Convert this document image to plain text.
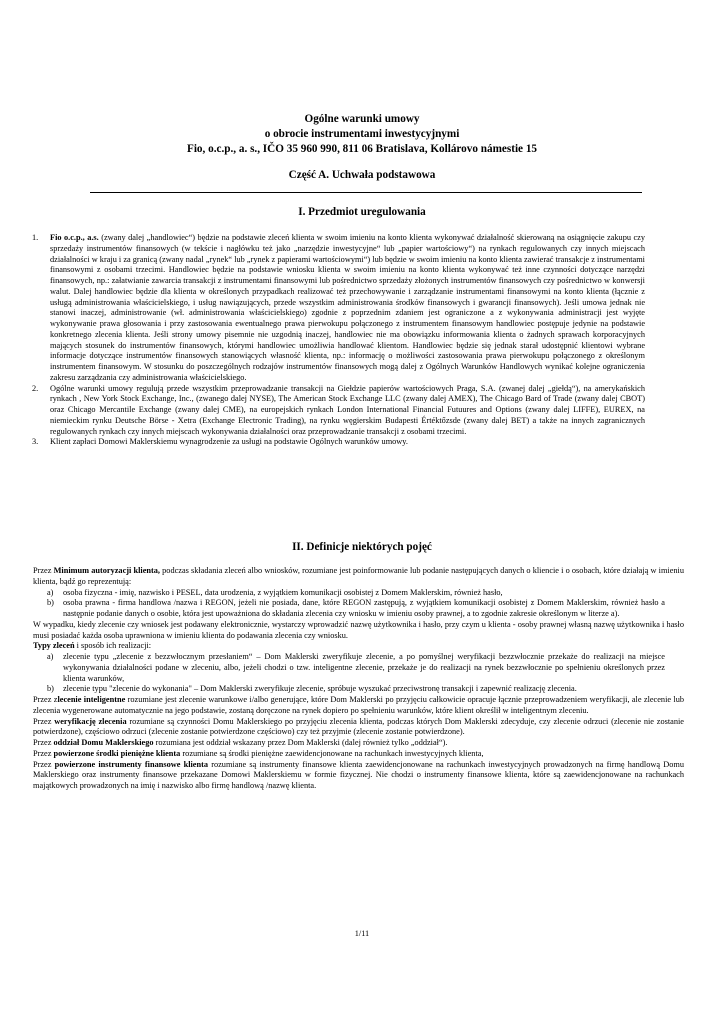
Ogólne warunki umowy
o obrocie instrumentami inwestycyjnymi
Fio, o.c.p., a. s., IČO 35 960 990, 811 06 Bratislava, Kollárovo námestie 15
Część A. Uchwała podstawowa
I. Przedmiot uregulowania
1. Fio o.c.p., a.s. (zwany dalej „handlowiec“) będzie na podstawie zleceń klienta w swoim imieniu na konto klienta wykonywać działalność skierowaną na osiągnięcie zakupu czy sprzedaży instrumentów finansowych (w tekście i nagłówku też jako „narzędzie inwestycyjne“ lub „papier wartościowy“) na rynkach regulowanych czy innych miejscach działalności w kraju i za granicą (zwany nadal „rynek“ lub „rynek z papierami wartościowymi“) lub będzie w swoim imieniu na konto klienta zawierać transakcje z instrumentami finansowymi z osobami trzecimi. Handlowiec będzie na podstawie wniosku klienta w swoim imieniu na konto klienta wykonywać też inne czynności dotyczące narzędzi finansowych, np.: załatwianie zawarcia transakcji z instrumentami finansowymi lub pośrednictwo sprzedaży złożonych instrumentów finansowych czy pośrednictwo w konwersji walut. Dalej handlowiec będzie dla klienta w określonych przypadkach realizować też przechowywanie i zarządzanie instrumentami finansowymi na konto klienta (łącznie z usługą administrowania właścicielskiego, i usług nawiązujących, przede wszystkim administrowania środków finansowych i gwarancji finansowych). Jeśli umowa jednak nie stanowi inaczej, administrowanie (wł. administrowania właścicielskiego) zgodnie z poprzednim zdaniem jest ograniczone a z wykonywania administracji jest wyjęte wykonywanie prawa głosowania i przy zastosowania ewentualnego prawa pierwokupu połączonego z instrumentem finansowym handlowiec postępuje jedynie na podstawie konkretnego zlecenia klienta. Jeśli strony umowy pisemnie nie uzgodnią inaczej, handlowiec nie ma obowiązku informowania klienta o żadnych sprawach korporacyjnych mających stosunek do instrumentów finansowych, którymi handlowiec umożliwia handlować klientom. Handlowiec będzie się jednak starał udostępnić klientowi wybrane informacje dotyczące instrumentów finansowych stanowiących własność klienta, np.: informację o możliwości zastosowania prawa pierwokupu połączonego z określonym instrumentem finansowym. W stosunku do poszczególnych rodzajów instrumentów finansowych mogą dalej z Ogólnych Warunków Handlowych wynikać kolejne ograniczenia zakresu zarządzania czy administrowania właścicielskiego.
2. Ogólne warunki umowy regulują przede wszystkim przeprowadzanie transakcji na Giełdzie papierów wartościowych Praga, S.A. (zwanej dalej „giełdą“), na amerykańskich rynkach , New York Stock Exchange, Inc., (zwanego dalej NYSE), The American Stock Exchange LLC (zwany dalej AMEX), The Chicago Bard of Trade (zwany dalej CBOT) oraz Chicago Mercantile Exchange (zwany dalej CME), na europejskich rynkach London International Financial Futuures and Options (zwany dalej LIFFE), EUREX, na niemieckim rynku Deutsche Börse - Xetra (Exchange Electronic Trading), na rynku węgierskim Budapesti Értéktőzsde (zwany dalej BET) a także na innych zagranicznych regulowanych rynkach czy innych miejscach wykonywania działalności oraz przeprowadzanie transakcji z osobami trzecimi.
3. Klient zapłaci Domowi Maklerskiemu wynagrodzenie za usługi na podstawie Ogólnych warunków umowy.
II. Definicje niektórych pojęć
Przez Minimum autoryzacji klienta, podczas składania zleceń albo wniosków, rozumiane jest poinformowanie lub podanie następujących danych o kliencie i o osobach, które działają w imieniu klienta, bądź go reprezentują:
a) osoba fizyczna - imię, nazwisko i PESEL, data urodzenia, z wyjątkiem komunikacji osobistej z Domem Maklerskim, również hasło,
b) osoba prawna - firma handlowa /nazwa i REGON, jeżeli nie posiada, dane, które REGON zastępują, z wyjątkiem komunikacji osobistej z Domem Maklerskim, również hasło a następnie podanie danych o osobie, która jest upoważniona do składania zlecenia czy wniosku w imieniu osoby prawnej, a to zgodnie zakresie określonym w literze a).
W wypadku, kiedy zlecenie czy wniosek jest podawany elektronicznie, wystarczy wprowadzić nazwę użytkownika i hasło, przy czym u klienta - osoby prawnej własną nazwę użytkownika i hasło musi posiadać każda osoba uprawniona w imieniu klienta do podawania zlecenia czy wniosku.
Typy zleceń i sposób ich realizacji:
a) zlecenie typu „zlecenie z bezzwłocznym przesłaniem“ – Dom Maklerski zweryfikuje zlecenie, a po pomyślnej weryfikacji bezzwłocznie przekaże do realizacji na miejsce wykonywania działalności podane w zleceniu, albo, jeżeli chodzi o tzw. inteligentne zlecenie, przekaże je do realizacji na rynek bezzwłocznie po spełnieniu określonych przez klienta warunków,
b) zlecenie typu "zlecenie do wykonania" – Dom Maklerski zweryfikuje zlecenie, spróbuje wyszukać przeciwstronę transakcji i zapewnić realizację zlecenia.
Przez zlecenie inteligentne rozumiane jest zlecenie warunkowe i/albo generujące, które Dom Maklerski po przyjęciu całkowicie opracuje łącznie przeprowadzeniem weryfikacji, ale zlecenie lub zlecenia wygenerowane automatycznie na jego podstawie, zostaną doręczone na rynek dopiero po spełnieniu warunków, które klient określił w inteligentnym zleceniu.
Przez weryfikację zlecenia rozumiane są czynności Domu Maklerskiego po przyjęciu zlecenia klienta, podczas których Dom Maklerski zdecyduje, czy zlecenie odrzuci (zlecenie nie zostanie potwierdzone), częściowo odrzuci (zlecenie zostanie potwierdzone częściowo) czy też przyjmie (zlecenie zostanie potwierdzone).
Przez oddział Domu Maklerskiego rozumiana jest oddział wskazany przez Dom Maklerski (dalej również tylko „oddział“).
Przez powierzone środki pieniężne klienta rozumiane są środki pieniężne zaewidencjonowane na rachunkach inwestycyjnych klienta,
Przez powierzone instrumenty finansowe klienta rozumiane są instrumenty finansowe klienta zaewidencjonowane na rachunkach inwestycyjnych prowadzonych na firmę handlową Domu Maklerskiego oraz instrumenty finansowe przekazane Domowi Maklerskiemu w formie fizycznej. Nie chodzi o instrumenty finansowe klienta, które są zaewidencjonowane na rachunkach majątkowych prowadzonych na imię i nazwisko albo firmę handlową /nazwę klienta.
1/11
